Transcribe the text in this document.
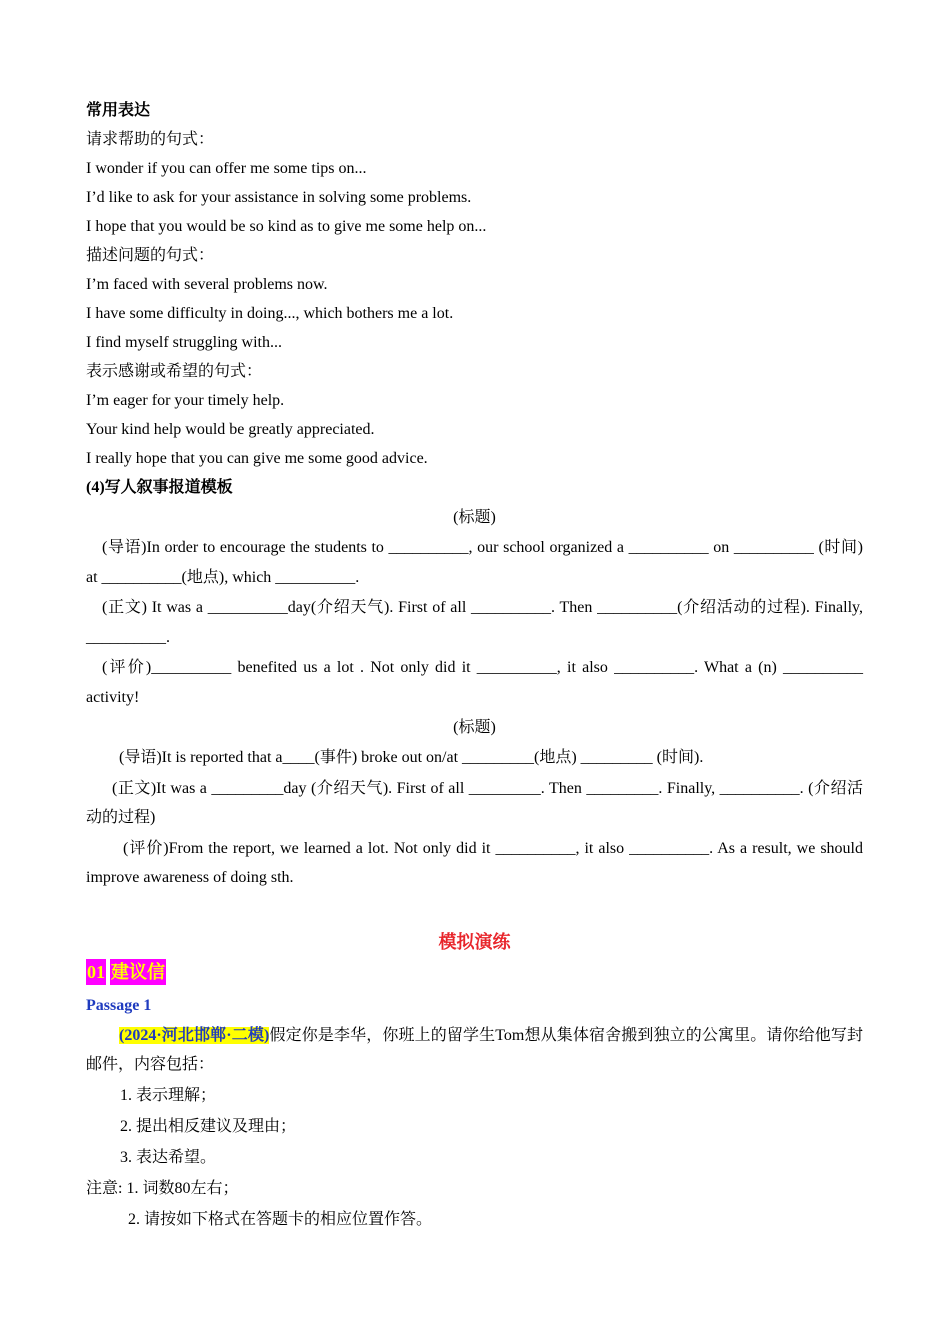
常用表达
请求帮助的句式：
I wonder if you can offer me some tips on...
I’d like to ask for your assistance in solving some problems.
I hope that you would be so kind as to give me some help on...
描述问题的句式：
I’m faced with several problems now.
I have some difficulty in doing..., which bothers me a lot.
I find myself struggling with...
表示感谢或希望的句式：
I’m eager for your timely help.
Your kind help would be greatly appreciated.
I really hope that you can give me some good advice.
(4)写人叙事报道模板
(标题)
(导语)In order to encourage the students to __________, our school organized a __________ on __________ (时间) at __________(地点), which __________.
(正文) It was a __________day(介绍天气). First of all __________. Then __________(介绍活动的过程). Finally, __________.
(评价)__________ benefited us a lot . Not only did it __________, it also __________. What a (n) __________ activity!
(标题)
(导语)It is reported that a____(事件) broke out on/at _________(地点) _________ (时间).
(正文)It was a _________day (介绍天气). First of all _________. Then _________. Finally, __________. (介绍活动的过程)
(评价)From the report, we learned a lot. Not only did it __________, it also __________. As a result, we should improve awareness of doing sth.
模拟演练
01 建议信
Passage 1
(2024·河北邯郸·二模)假定你是李华，你班上的留学生Tom想从集体宿舍搬到独立的公寓里。请你给他写封邮件，内容包括：
1. 表示理解；
2. 提出相反建议及理由；
3. 表达希望。
注意: 1. 词数80左右；
2. 请按如下格式在答题卡的相应位置作答。
